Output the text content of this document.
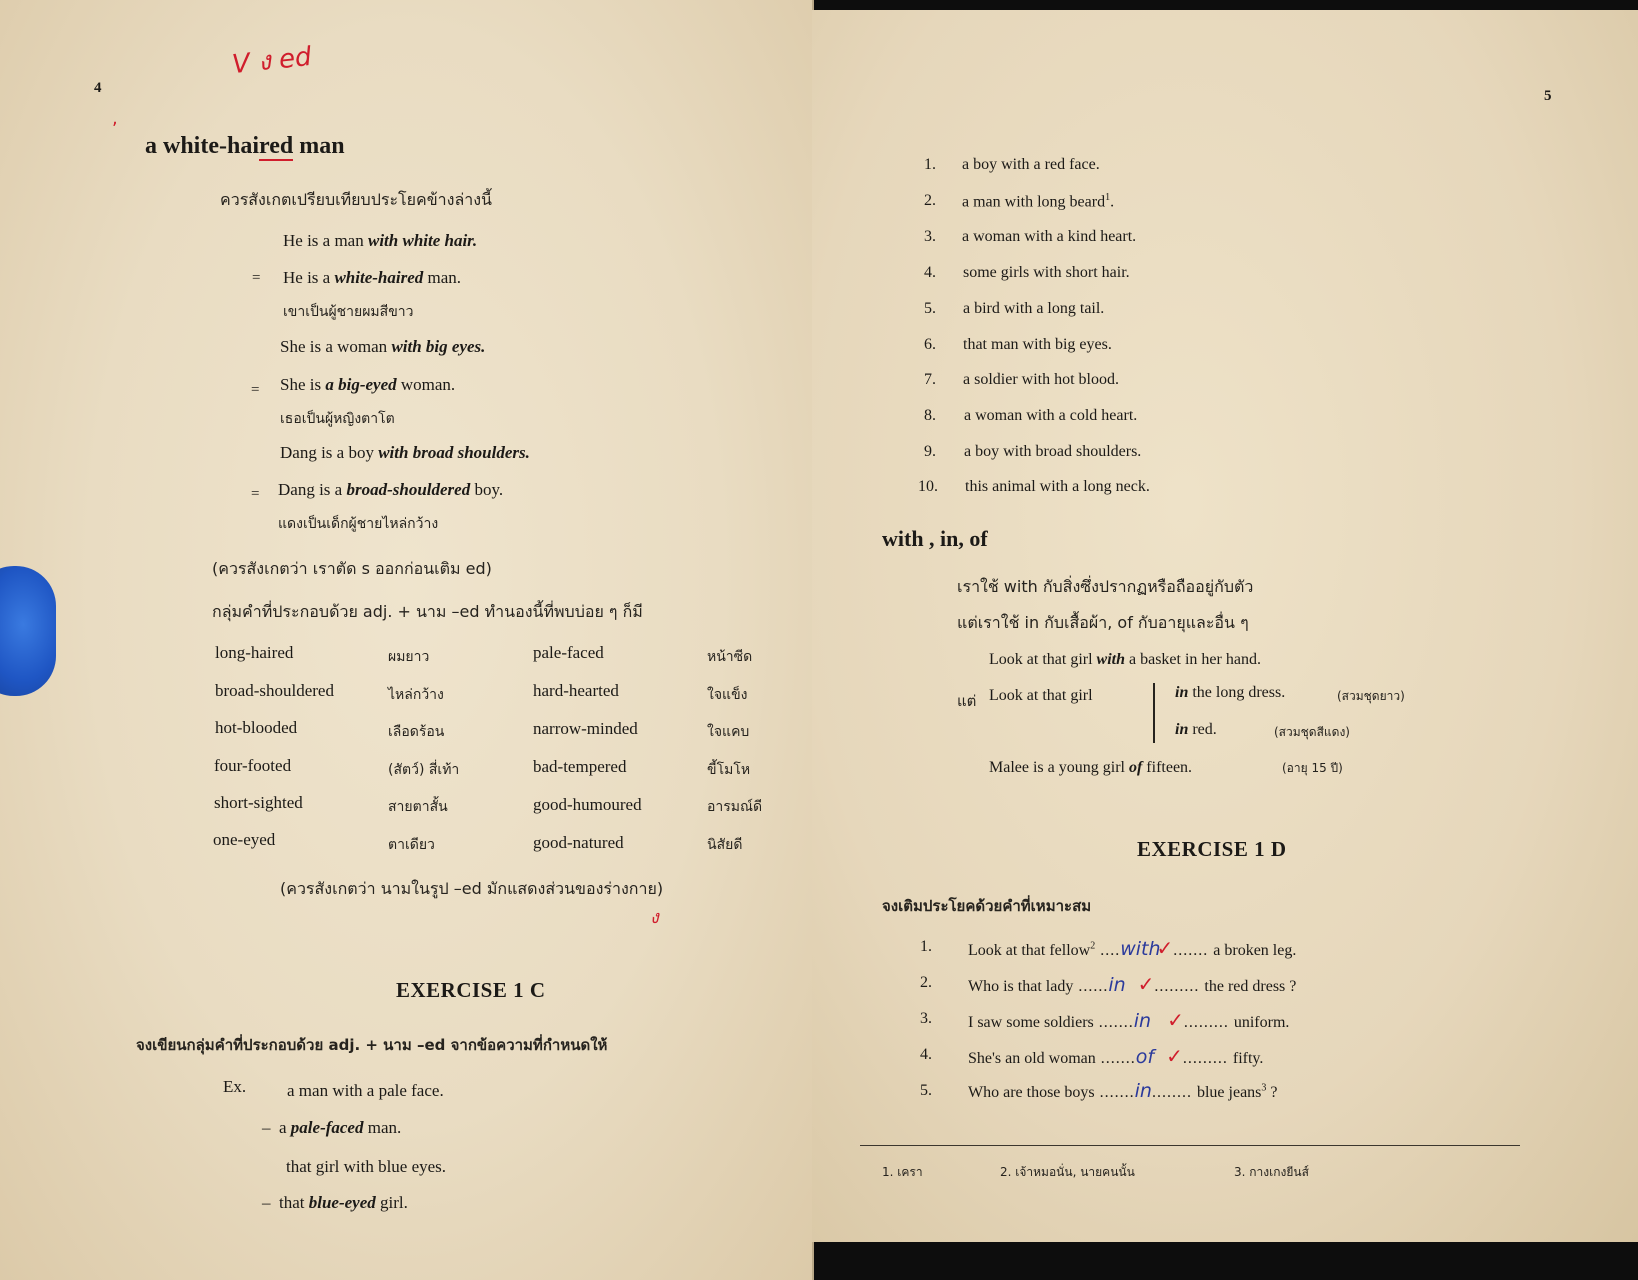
4
V ง ed
,
a white-haired man
ควรสังเกตเปรียบเทียบประโยคข้างล่างนี้
He is a man with white hair.
= He is a white-haired man.
เขาเป็นผู้ชายผมสีขาว
She is a woman with big eyes.
= She is a big-eyed woman.
เธอเป็นผู้หญิงตาโต
Dang is a boy with broad shoulders.
= Dang is a broad-shouldered boy.
แดงเป็นเด็กผู้ชายไหล่กว้าง
(ควรสังเกตว่า เราตัด s ออกก่อนเติม ed)
กลุ่มคำที่ประกอบด้วย adj. + นาม –ed ทำนองนี้ที่พบบ่อย ๆ ก็มี
long-haired	ผมยาว	pale-faced	หน้าซีด
broad-shouldered	ไหล่กว้าง	hard-hearted	ใจแข็ง
hot-blooded	เลือดร้อน	narrow-minded	ใจแคบ
four-footed	(สัตว์) สี่เท้า	bad-tempered	ขี้โมโห
short-sighted	สายตาสั้น	good-humoured	อารมณ์ดี
one-eyed	ตาเดียว	good-natured	นิสัยดี
(ควรสังเกตว่า นามในรูป –ed มักแสดงส่วนของร่างกาย)
ง
EXERCISE 1 C
จงเขียนกลุ่มคำที่ประกอบด้วย adj. + นาม –ed จากข้อความที่กำหนดให้
Ex. a man with a pale face.
– a pale-faced man.
that girl with blue eyes.
– that blue-eyed girl.
5
1. a boy with a red face.
2. a man with long beard$^1$.
3. a woman with a kind heart.
4. some girls with short hair.
5. a bird with a long tail.
6. that man with big eyes.
7. a soldier with hot blood.
8. a woman with a cold heart.
9. a boy with broad shoulders.
10. this animal with a long neck.
with , in, of
เราใช้ with กับสิ่งซึ่งปรากฏหรือถืออยู่กับตัว
แต่เราใช้ in กับเสื้อผ้า, of กับอายุและอื่น ๆ
Look at that girl with a basket in her hand.
แต่ Look at that girl	in the long dress.	(สวมชุดยาว)
in red.	(สวมชุดสีแดง)
Malee is a young girl of fifteen.	(อายุ 15 ปี)
EXERCISE 1 D
จงเติมประโยคด้วยคำที่เหมาะสม
1. Look at that fellow$^2$ ....with✓....... a broken leg.
2. Who is that lady ......in ✓......... the red dress ?
3. I saw some soldiers .......in ✓......... uniform.
4. She's an old woman .......of ✓......... fifty.
5. Who are those boys .......in........ blue jeans$^3$ ?
1. เครา	2. เจ้าหมอนั่น, นายคนนั้น	3. กางเกงยีนส์
